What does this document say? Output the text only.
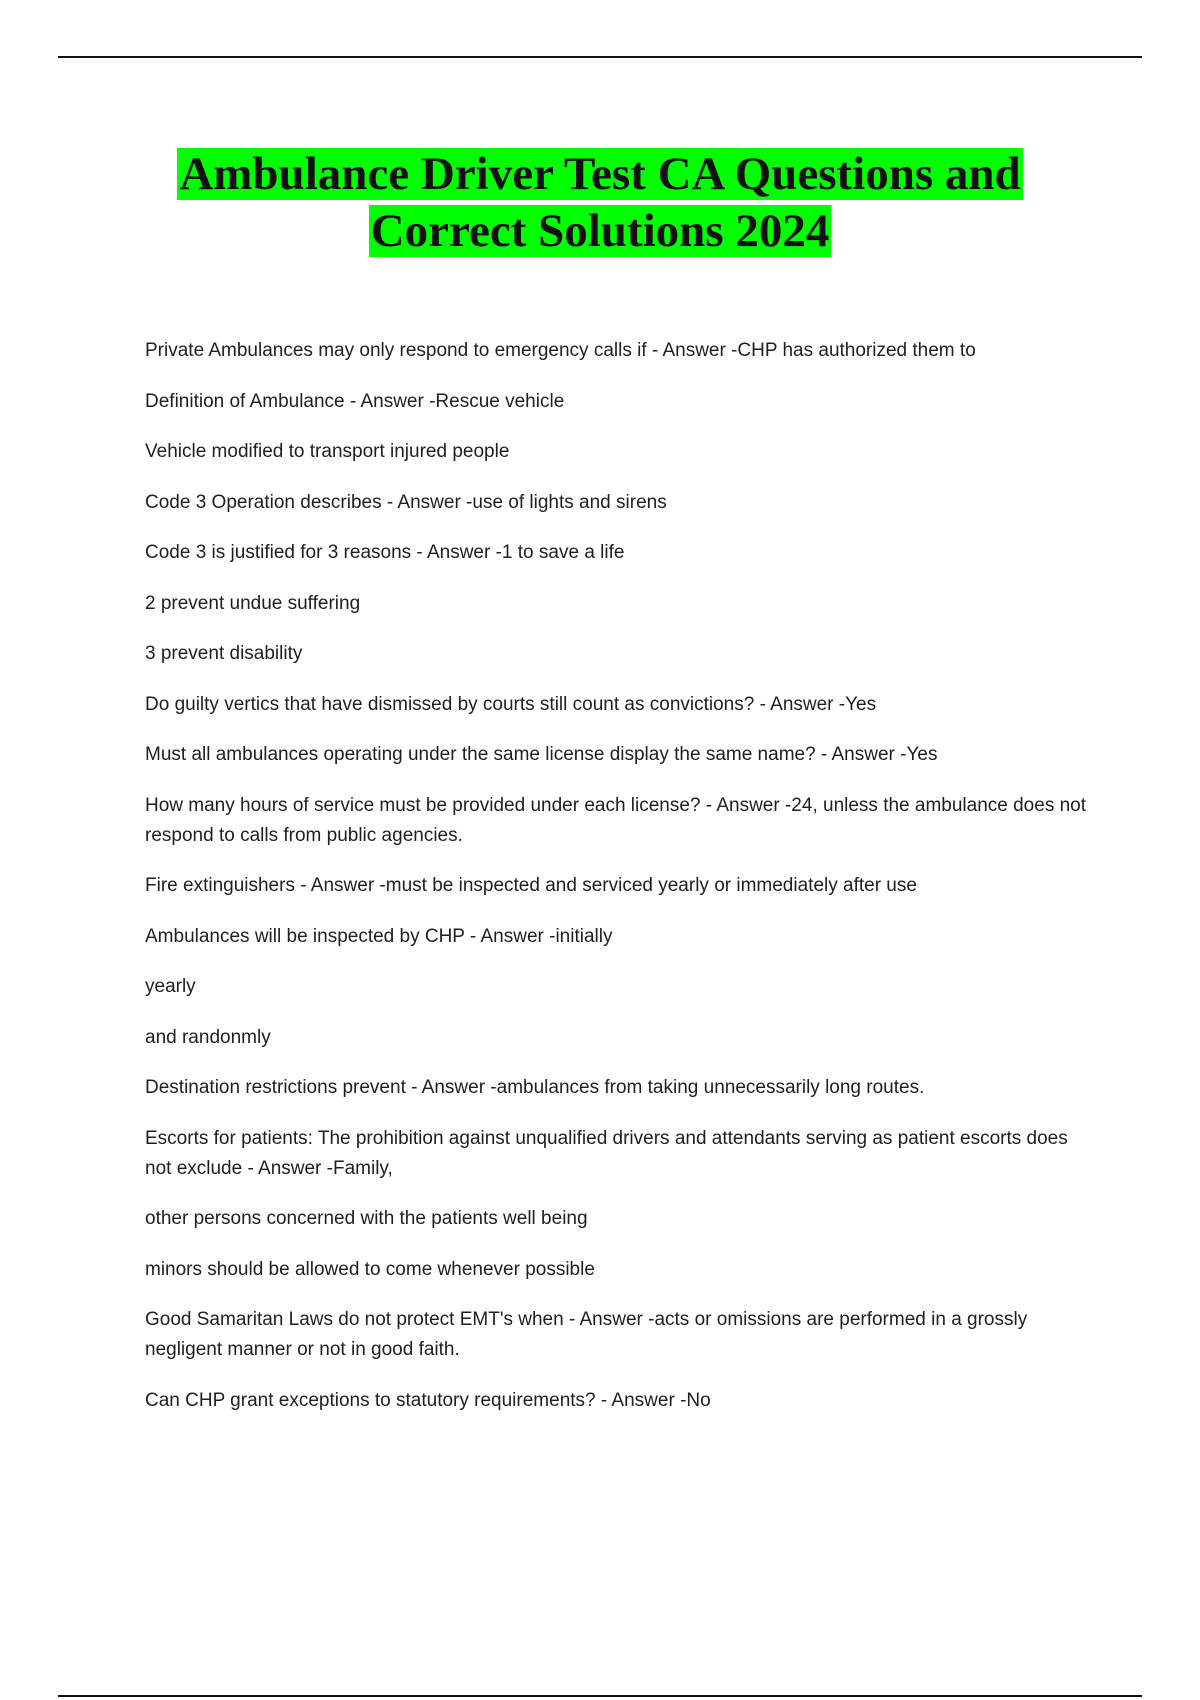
Ambulance Driver Test CA Questions and
Correct Solutions 2024
Private Ambulances may only respond to emergency calls if - Answer -CHP has authorized them to
Definition of Ambulance - Answer -Rescue vehicle
Vehicle modified to transport injured people
Code 3 Operation describes - Answer -use of lights and sirens
Code 3 is justified for 3 reasons - Answer -1 to save a life
2 prevent undue suffering
3 prevent disability
Do guilty vertics that have dismissed by courts still count as convictions? - Answer -Yes
Must all ambulances operating under the same license display the same name? - Answer -Yes
How many hours of service must be provided under each license? - Answer -24, unless the ambulance does not respond to calls from public agencies.
Fire extinguishers - Answer -must be inspected and serviced yearly or immediately after use
Ambulances will be inspected by CHP - Answer -initially
yearly
and randonmly
Destination restrictions prevent - Answer -ambulances from taking unnecessarily long routes.
Escorts for patients: The prohibition against unqualified drivers and attendants serving as patient escorts does not exclude - Answer -Family,
other persons concerned with the patients well being
minors should be allowed to come whenever possible
Good Samaritan Laws do not protect EMT's when - Answer -acts or omissions are performed in a grossly negligent manner or not in good faith.
Can CHP grant exceptions to statutory requirements? - Answer -No
